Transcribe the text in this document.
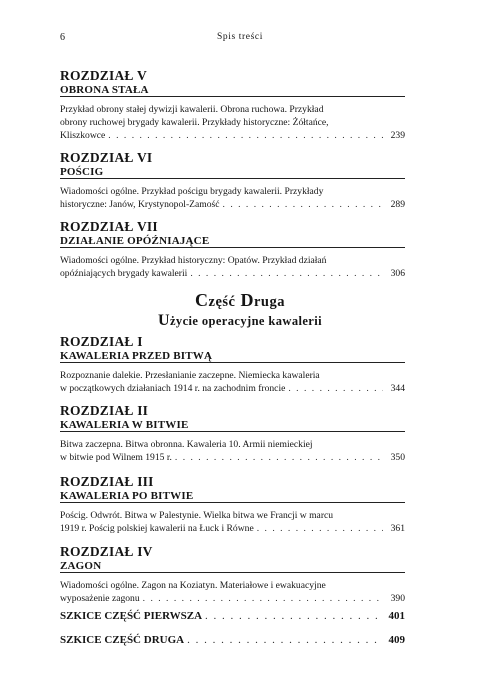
6	Spis treści
ROZDZIAŁ V
OBRONA STAŁA
Przykład obrony stałej dywizji kawalerii. Obrona ruchowa. Przykład
obrony ruchowej brygady kawalerii. Przykłady historyczne: Żółtańce,
Kliszkowce . . .	239
ROZDZIAŁ VI
POŚCIG
Wiadomości ogólne. Przykład pościgu brygady kawalerii. Przykłady
historyczne: Janów, Krystynopol-Zamość . . .	289
ROZDZIAŁ VII
DZIAŁANIE OPÓŹNIAJĄCE
Wiadomości ogólne. Przykład historyczny: Opatów. Przykład działań
opóźniających brygady kawalerii . . .	306
Część Druga
Użycie operacyjne kawalerii
ROZDZIAŁ I
KAWALERIA PRZED BITWĄ
Rozpoznanie dalekie. Przesłanianie zaczepne. Niemiecka kawaleria
w początkowych działaniach 1914 r. na zachodnim froncie . . .	344
ROZDZIAŁ II
KAWALERIA W BITWIE
Bitwa zaczepna. Bitwa obronna. Kawaleria 10. Armii niemieckiej
w bitwie pod Wilnem 1915 r. . . .	350
ROZDZIAŁ III
KAWALERIA PO BITWIE
Pościg. Odwrót. Bitwa w Palestynie. Wielka bitwa we Francji w marcu
1919 r. Pościg polskiej kawalerii na Łuck i Równe . . .	361
ROZDZIAŁ IV
ZAGON
Wiadomości ogólne. Zagon na Koziatyn. Materiałowe i ewakuacyjne
wyposażenie zagonu . . .	390
SZKICE CZĘŚĆ PIERWSZA . . .	401
SZKICE CZĘŚĆ DRUGA . . .	409
